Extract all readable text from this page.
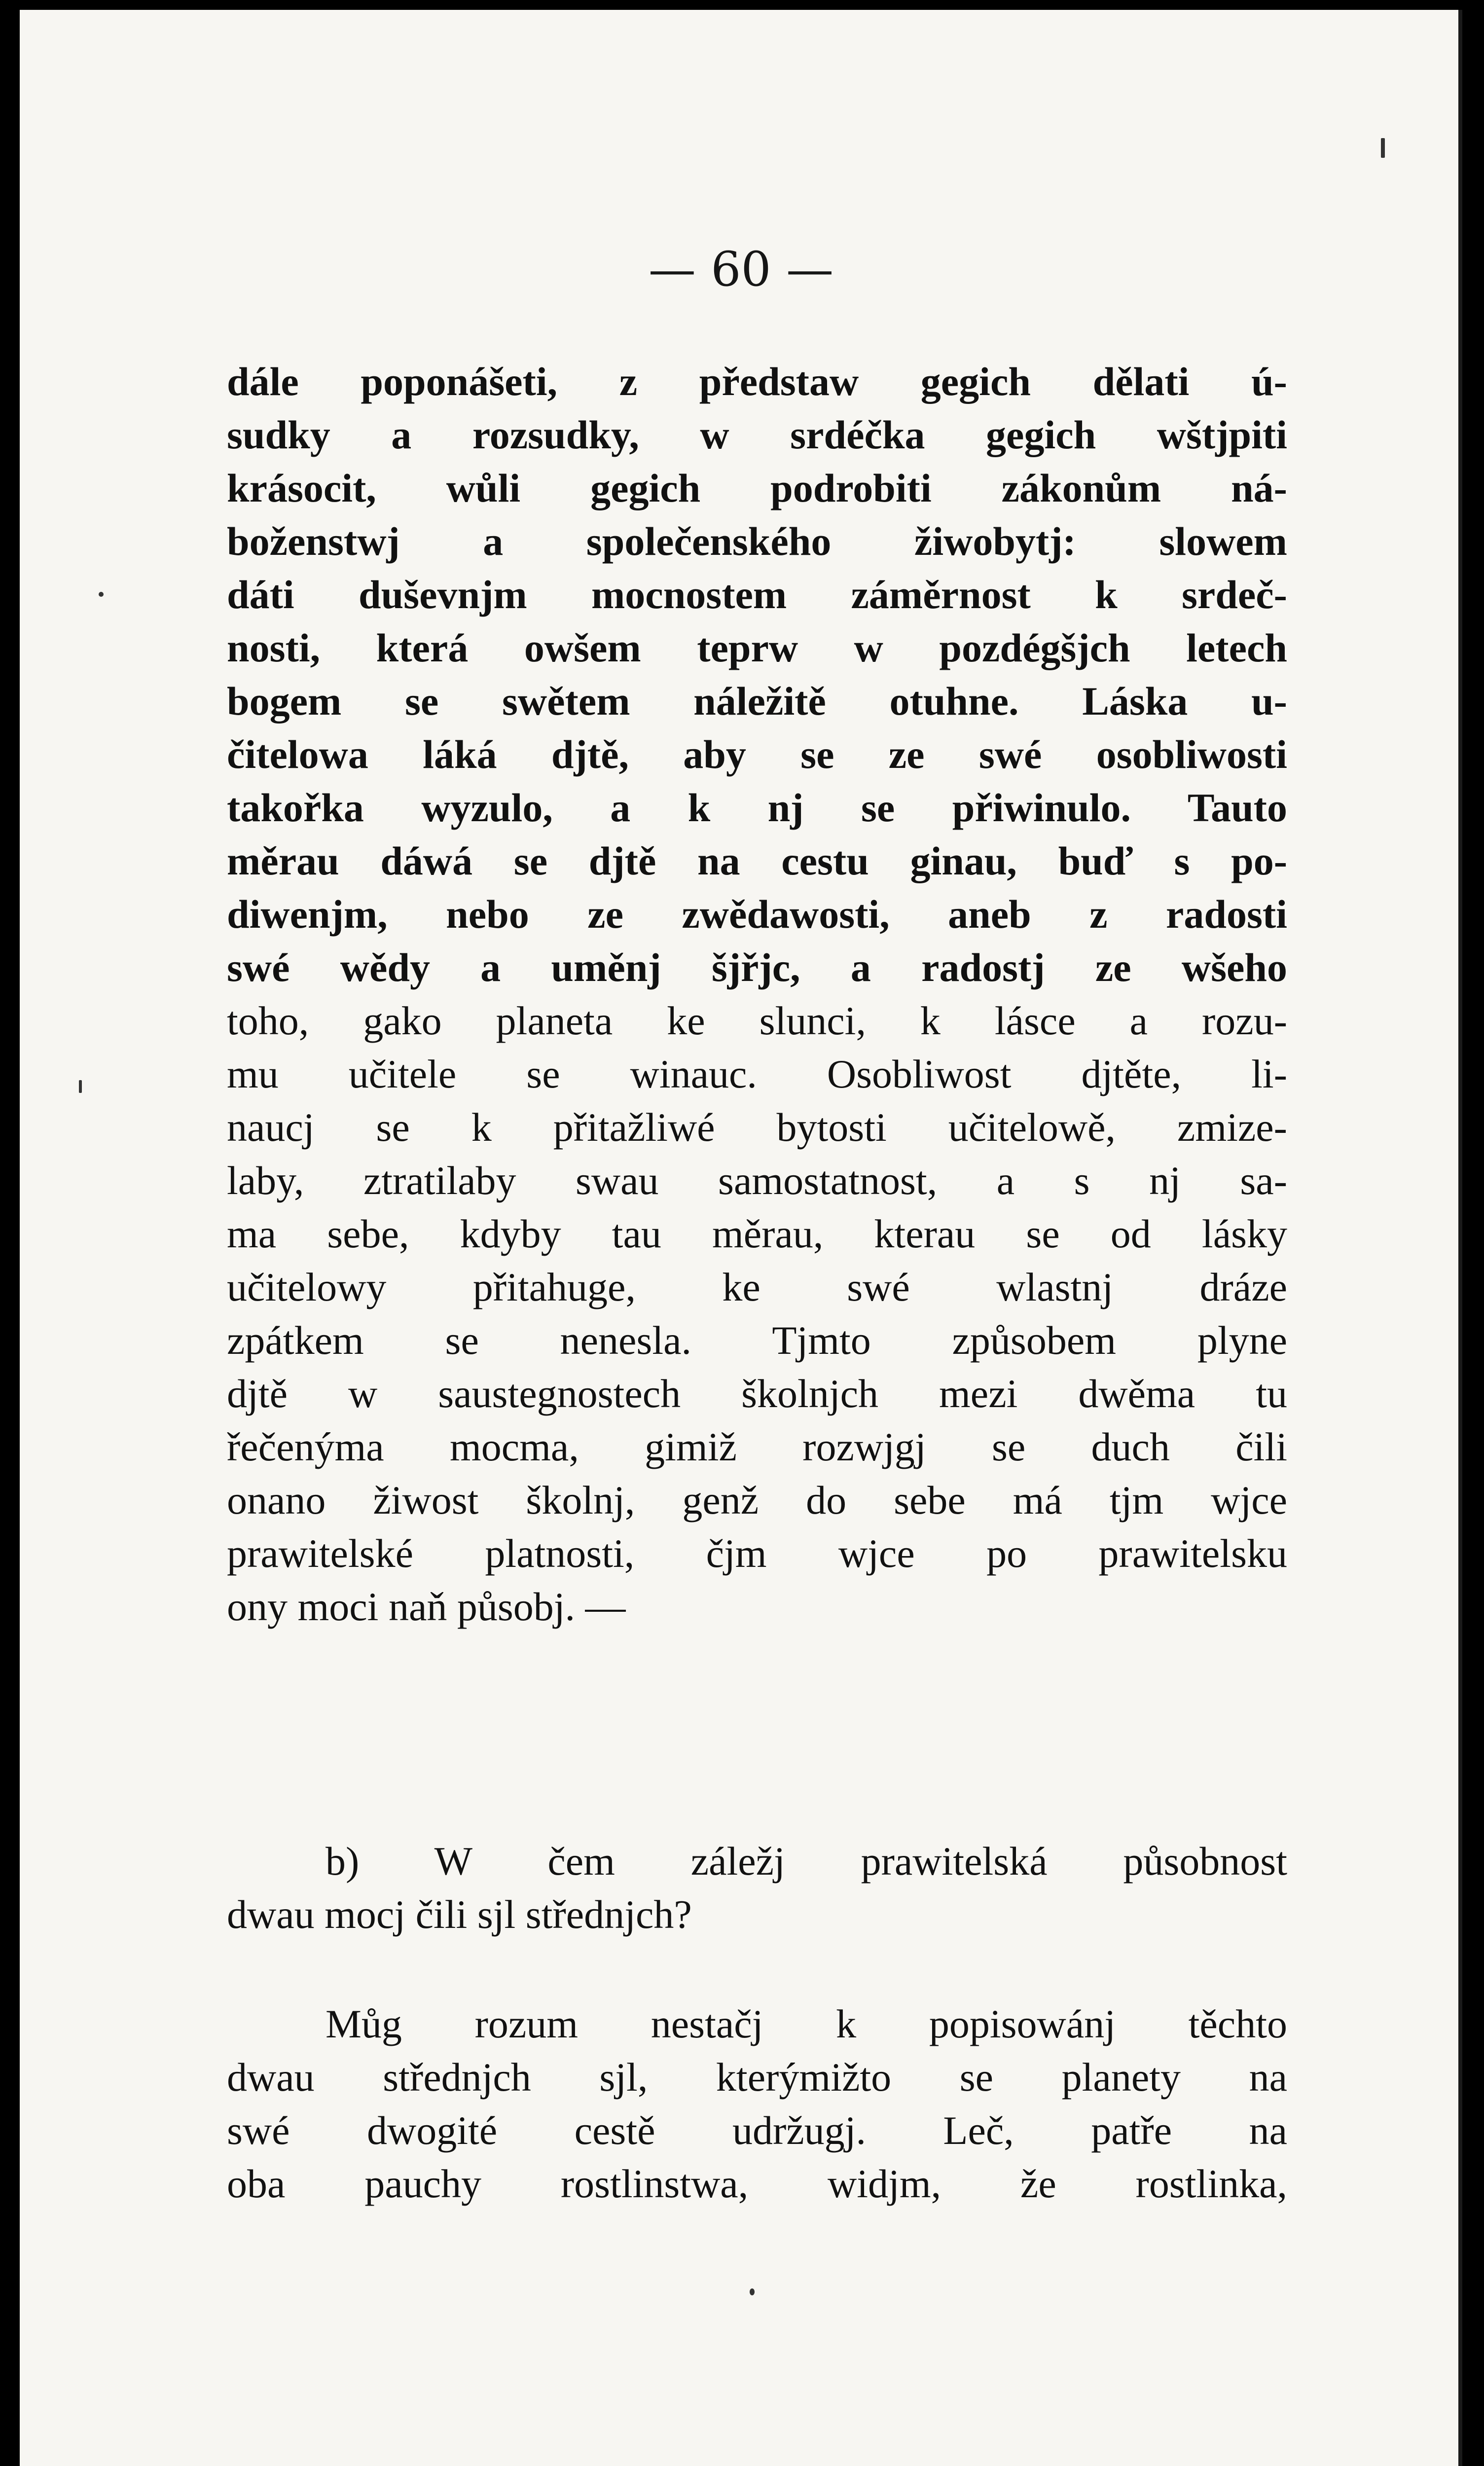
— 60 —

dále poponášeti, z předstaw gegich dělati ú-
sudky a rozsudky, w srdéčka gegich wštjpiti
krásocit, wůli gegich podrobiti zákonům ná-
boženstwj a společenského žiwobytj: slowem
dáti duševnjm mocnostem záměrnost k srdeč-
nosti, která owšem teprw w pozdégšjch letech
bogem se swětem náležitě otuhne. Láska u-
čitelowa láká djtě, aby se ze swé osobliwosti
takořka wyzulo, a k nj se přiwinulo. Tauto
měrau dáwá se djtě na cestu ginau, buď s po-
diwenjm, nebo ze zwědawosti, aneb z radosti
swé wědy a uměnj šjřjc, a radostj ze wšeho
toho, gako planeta ke slunci, k lásce a rozu-
mu učitele se winauc. Osobliwost djtěte, li-
naucj se k přitažliwé bytosti učitelowě, zmize-
laby, ztratilaby swau samostatnost, a s nj sa-
ma sebe, kdyby tau měrau, kterau se od lásky
učitelowy přitahuge, ke swé wlastnj dráze
zpátkem se nenesla. Tjmto způsobem plyne
djtě w saustegnostech školnjch mezi dwěma tu
řečenýma mocma, gimiž rozwjgj se duch čili
onano žiwost školnj, genž do sebe má tjm wjce
prawitelské platnosti, čjm wjce po prawitelsku
ony moci naň působj. —
b) W čem záležj prawitelská působnost
dwau mocj čili sjl střednjch?
Můg rozum nestačj k popisowánj těchto
dwau střednjch sjl, kterýmižto se planety na
swé dwogité cestě udržugj. Leč, patře na
oba pauchy rostlinstwa, widjm, že rostlinka,
